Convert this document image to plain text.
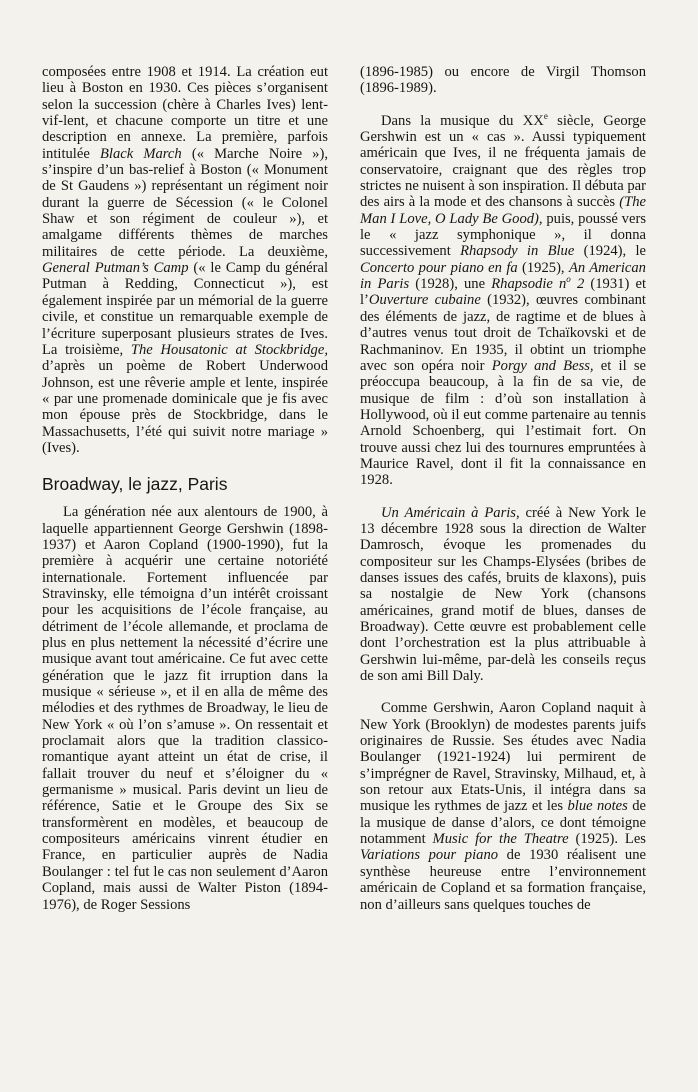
composées entre 1908 et 1914. La création eut lieu à Boston en 1930. Ces pièces s’organisent selon la succession (chère à Charles Ives) lent-vif-lent, et chacune comporte un titre et une description en annexe. La première, parfois intitulée Black March (« Marche Noire »), s’inspire d’un bas-relief à Boston (« Monument de St Gaudens ») représentant un régiment noir durant la guerre de Sécession (« le Colonel Shaw et son régiment de couleur »), et amalgame différents thèmes de marches militaires de cette période. La deuxième, General Putman’s Camp (« le Camp du général Putman à Redding, Connecticut »), est également inspirée par un mémorial de la guerre civile, et constitue un remarquable exemple de l’écriture superposant plusieurs strates de Ives. La troisième, The Housatonic at Stockbridge, d’après un poème de Robert Underwood Johnson, est une rêverie ample et lente, inspirée « par une promenade dominicale que je fis avec mon épouse près de Stockbridge, dans le Massachusetts, l’été qui suivit notre mariage » (Ives).

Broadway, le jazz, Paris

La génération née aux alentours de 1900, à laquelle appartiennent George Gershwin (1898-1937) et Aaron Copland (1900-1990), fut la première à acquérir une certaine notoriété internationale. Fortement influencée par Stravinsky, elle témoigna d’un intérêt croissant pour les acquisitions de l’école française, au détriment de l’école allemande, et proclama de plus en plus nettement la nécessité d’écrire une musique avant tout américaine. Ce fut avec cette génération que le jazz fit irruption dans la musique « sérieuse », et il en alla de même des mélodies et des rythmes de Broadway, le lieu de New York « où l’on s’amuse ». On ressentait et proclamait alors que la tradition classico-romantique ayant atteint un état de crise, il fallait trouver du neuf et s’éloigner du « germanisme » musical. Paris devint un lieu de référence, Satie et le Groupe des Six se transformèrent en modèles, et beaucoup de compositeurs américains vinrent étudier en France, en particulier auprès de Nadia Boulanger : tel fut le cas non seulement d’Aaron Copland, mais aussi de Walter Piston (1894-1976), de Roger Sessions

(1896-1985) ou encore de Virgil Thomson (1896-1989).

Dans la musique du XXe siècle, George Gershwin est un « cas ». Aussi typiquement américain que Ives, il ne fréquenta jamais de conservatoire, craignant que des règles trop strictes ne nuisent à son inspiration. Il débuta par des airs à la mode et des chansons à succès (The Man I Love, O Lady Be Good), puis, poussé vers le « jazz symphonique », il donna successivement Rhapsody in Blue (1924), le Concerto pour piano en fa (1925), An American in Paris (1928), une Rhapsodie $n^o$ 2 (1931) et l’Ouverture cubaine (1932), œuvres combinant des éléments de jazz, de ragtime et de blues à d’autres venus tout droit de Tchaïkovski et de Rachmaninov. En 1935, il obtint un triomphe avec son opéra noir Porgy and Bess, et il se préoccupa beaucoup, à la fin de sa vie, de musique de film : d’où son installation à Hollywood, où il eut comme partenaire au tennis Arnold Schoenberg, qui l’estimait fort. On trouve aussi chez lui des tournures empruntées à Maurice Ravel, dont il fit la connaissance en 1928.

Un Américain à Paris, créé à New York le 13 décembre 1928 sous la direction de Walter Damrosch, évoque les promenades du compositeur sur les Champs-Elysées (bribes de danses issues des cafés, bruits de klaxons), puis sa nostalgie de New York (chansons américaines, grand motif de blues, danses de Broadway). Cette œuvre est probablement celle dont l’orchestration est la plus attribuable à Gershwin lui-même, par-delà les conseils reçus de son ami Bill Daly.

Comme Gershwin, Aaron Copland naquit à New York (Brooklyn) de modestes parents juifs originaires de Russie. Ses études avec Nadia Boulanger (1921-1924) lui permirent de s’imprégner de Ravel, Stravinsky, Milhaud, et, à son retour aux Etats-Unis, il intégra dans sa musique les rythmes de jazz et les blue notes de la musique de danse d’alors, ce dont témoigne notamment Music for the Theatre (1925). Les Variations pour piano de 1930 réalisent une synthèse heureuse entre l’environnement américain de Copland et sa formation française, non d’ailleurs sans quelques touches de
